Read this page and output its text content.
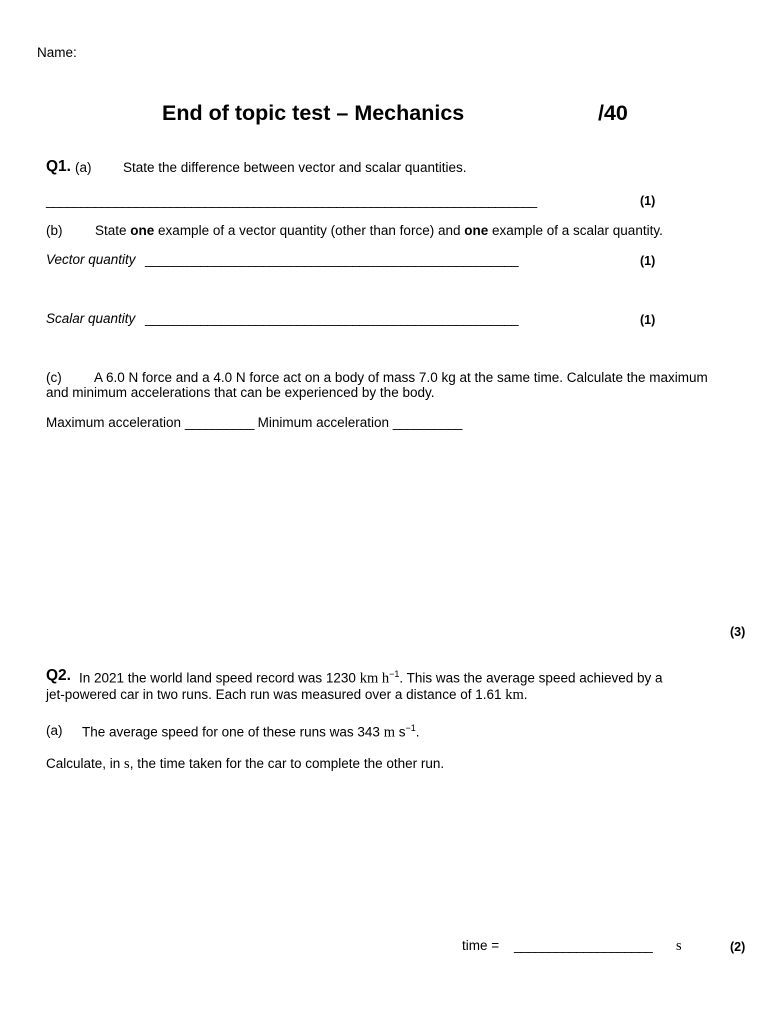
Name:
End of topic test – Mechanics	/40
Q1. (a) State the difference between vector and scalar quantities.
_______________________________________________________________________	(1)
(b) State one example of a vector quantity (other than force) and one example of a scalar quantity.
Vector quantity ______________________________________________________	(1)
Scalar quantity ______________________________________________________	(1)
(c) A 6.0 N force and a 4.0 N force act on a body of mass 7.0 kg at the same time. Calculate the maximum
and minimum accelerations that can be experienced by the body.
Maximum acceleration __________ Minimum acceleration __________
(3)
Q2. In 2021 the world land speed record was 1230 km $h^{-1}$. This was the average speed achieved by a
jet-powered car in two runs. Each run was measured over a distance of 1.61 km.
(a) The average speed for one of these runs was 343 m $s^{-1}$.
Calculate, in s, the time taken for the car to complete the other run.
time = ____________________ s	(2)
